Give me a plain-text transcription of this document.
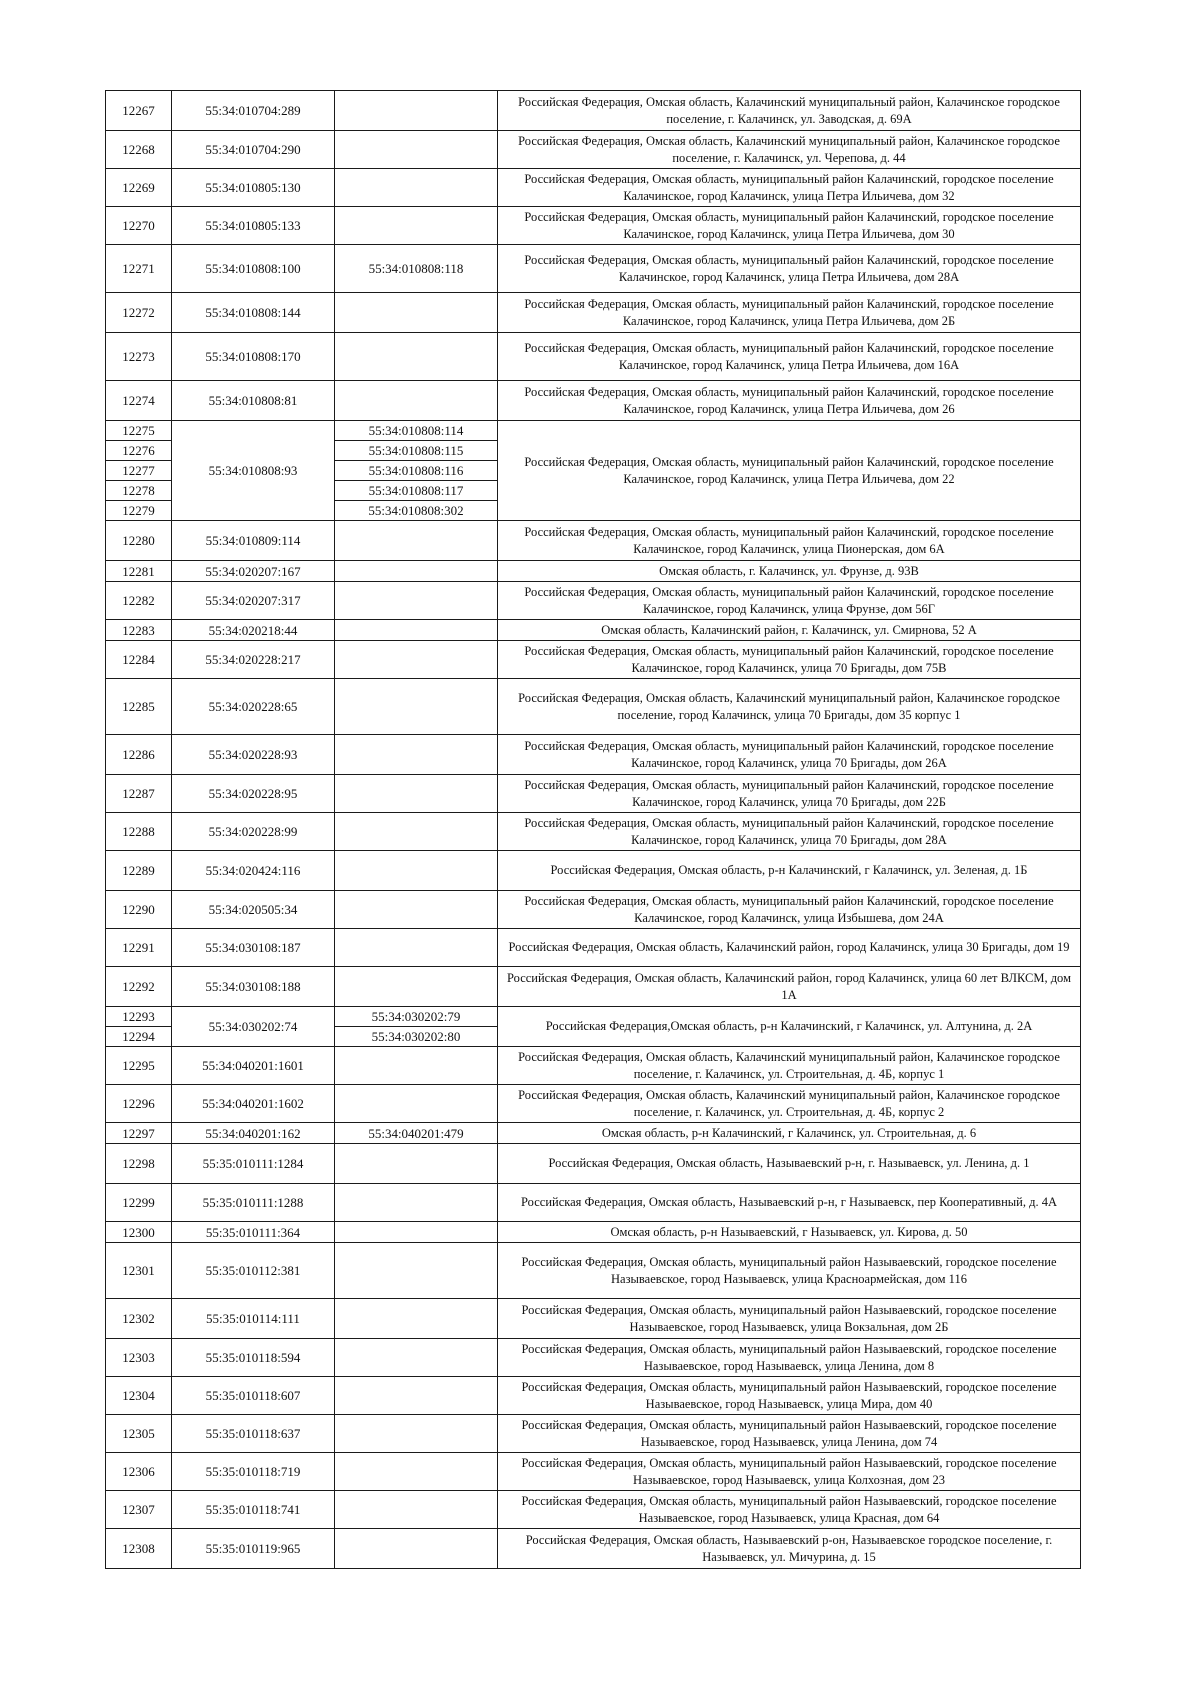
12267	55:34:010704:289		Российская Федерация, Омская область, Калачинский муниципальный район, Калачинское городское поселение, г. Калачинск, ул. Заводская, д. 69А
12268	55:34:010704:290		Российская Федерация, Омская область, Калачинский муниципальный район, Калачинское городское поселение, г. Калачинск, ул. Черепова, д. 44
12269	55:34:010805:130		Российская Федерация, Омская область, муниципальный район Калачинский, городское поселение Калачинское, город Калачинск, улица Петра Ильичева, дом 32
12270	55:34:010805:133		Российская Федерация, Омская область, муниципальный район Калачинский, городское поселение Калачинское, город Калачинск, улица Петра Ильичева, дом 30
12271	55:34:010808:100	55:34:010808:118	Российская Федерация, Омская область, муниципальный район Калачинский, городское поселение Калачинское, город Калачинск, улица Петра Ильичева, дом 28А
12272	55:34:010808:144		Российская Федерация, Омская область, муниципальный район Калачинский, городское поселение Калачинское, город Калачинск, улица Петра Ильичева, дом 2Б
12273	55:34:010808:170		Российская Федерация, Омская область, муниципальный район Калачинский, городское поселение Калачинское, город Калачинск, улица Петра Ильичева, дом 16А
12274	55:34:010808:81		Российская Федерация, Омская область, муниципальный район Калачинский, городское поселение Калачинское, город Калачинск, улица Петра Ильичева, дом 26
12275	55:34:010808:93	55:34:010808:114	Российская Федерация, Омская область, муниципальный район Калачинский, городское поселение Калачинское, город Калачинск, улица Петра Ильичева, дом 22
12276		55:34:010808:115	
12277		55:34:010808:116	
12278		55:34:010808:117	
12279		55:34:010808:302	
12280	55:34:010809:114		Российская Федерация, Омская область, муниципальный район Калачинский, городское поселение Калачинское, город Калачинск, улица Пионерская, дом 6А
12281	55:34:020207:167		Омская область, г. Калачинск, ул. Фрунзе, д. 93В
12282	55:34:020207:317		Российская Федерация, Омская область, муниципальный район Калачинский, городское поселение Калачинское, город Калачинск, улица Фрунзе, дом 56Г
12283	55:34:020218:44		Омская область, Калачинский район, г. Калачинск, ул. Смирнова, 52 А
12284	55:34:020228:217		Российская Федерация, Омская область, муниципальный район Калачинский, городское поселение Калачинское, город Калачинск, улица 70 Бригады, дом 75В
12285	55:34:020228:65		Российская Федерация, Омская область, Калачинский муниципальный район, Калачинское городское поселение, город Калачинск, улица 70 Бригады, дом 35 корпус 1
12286	55:34:020228:93		Российская Федерация, Омская область, муниципальный район Калачинский, городское поселение Калачинское, город Калачинск, улица 70 Бригады, дом 26А
12287	55:34:020228:95		Российская Федерация, Омская область, муниципальный район Калачинский, городское поселение Калачинское, город Калачинск, улица 70 Бригады, дом 22Б
12288	55:34:020228:99		Российская Федерация, Омская область, муниципальный район Калачинский, городское поселение Калачинское, город Калачинск, улица 70 Бригады, дом 28А
12289	55:34:020424:116		Российская Федерация, Омская область, р-н Калачинский, г Калачинск, ул. Зеленая, д. 1Б
12290	55:34:020505:34		Российская Федерация, Омская область, муниципальный район Калачинский, городское поселение Калачинское, город Калачинск, улица Избышева, дом 24А
12291	55:34:030108:187		Российская Федерация, Омская область, Калачинский район, город Калачинск, улица 30 Бригады, дом 19
12292	55:34:030108:188		Российская Федерация, Омская область, Калачинский район, город Калачинск, улица 60 лет ВЛКСМ, дом 1А
12293	55:34:030202:74	55:34:030202:79	Российская Федерация,Омская область, р-н Калачинский, г Калачинск, ул. Алтунина, д. 2А
12294		55:34:030202:80	
12295	55:34:040201:1601		Российская Федерация, Омская область, Калачинский муниципальный район, Калачинское городское поселение, г. Калачинск, ул. Строительная, д. 4Б, корпус 1
12296	55:34:040201:1602		Российская Федерация, Омская область, Калачинский муниципальный район, Калачинское городское поселение, г. Калачинск, ул. Строительная, д. 4Б, корпус 2
12297	55:34:040201:162	55:34:040201:479	Омская область, р-н Калачинский, г Калачинск, ул. Строительная, д. 6
12298	55:35:010111:1284		Российская Федерация, Омская область, Называевский р-н, г. Называевск, ул. Ленина, д. 1
12299	55:35:010111:1288		Российская Федерация, Омская область, Называевский р-н, г Называевск, пер Кооперативный, д. 4А
12300	55:35:010111:364		Омская область, р-н Называевский, г Называевск, ул. Кирова, д. 50
12301	55:35:010112:381		Российская Федерация, Омская область, муниципальный район Называевский, городское поселение Называевское, город Называевск, улица Красноармейская, дом 116
12302	55:35:010114:111		Российская Федерация, Омская область, муниципальный район Называевский, городское поселение Называевское, город Называевск, улица Вокзальная, дом 2Б
12303	55:35:010118:594		Российская Федерация, Омская область, муниципальный район Называевский, городское поселение Называевское, город Называевск, улица Ленина, дом 8
12304	55:35:010118:607		Российская Федерация, Омская область, муниципальный район Называевский, городское поселение Называевское, город Называевск, улица Мира, дом 40
12305	55:35:010118:637		Российская Федерация, Омская область, муниципальный район Называевский, городское поселение Называевское, город Называевск, улица Ленина, дом 74
12306	55:35:010118:719		Российская Федерация, Омская область, муниципальный район Называевский, городское поселение Называевское, город Называевск, улица Колхозная, дом 23
12307	55:35:010118:741		Российская Федерация, Омская область, муниципальный район Называевский, городское поселение Называевское, город Называевск, улица Красная, дом 64
12308	55:35:010119:965		Российская Федерация, Омская область, Называевский р-он, Называевское городское поселение, г. Называевск, ул. Мичурина, д. 15
